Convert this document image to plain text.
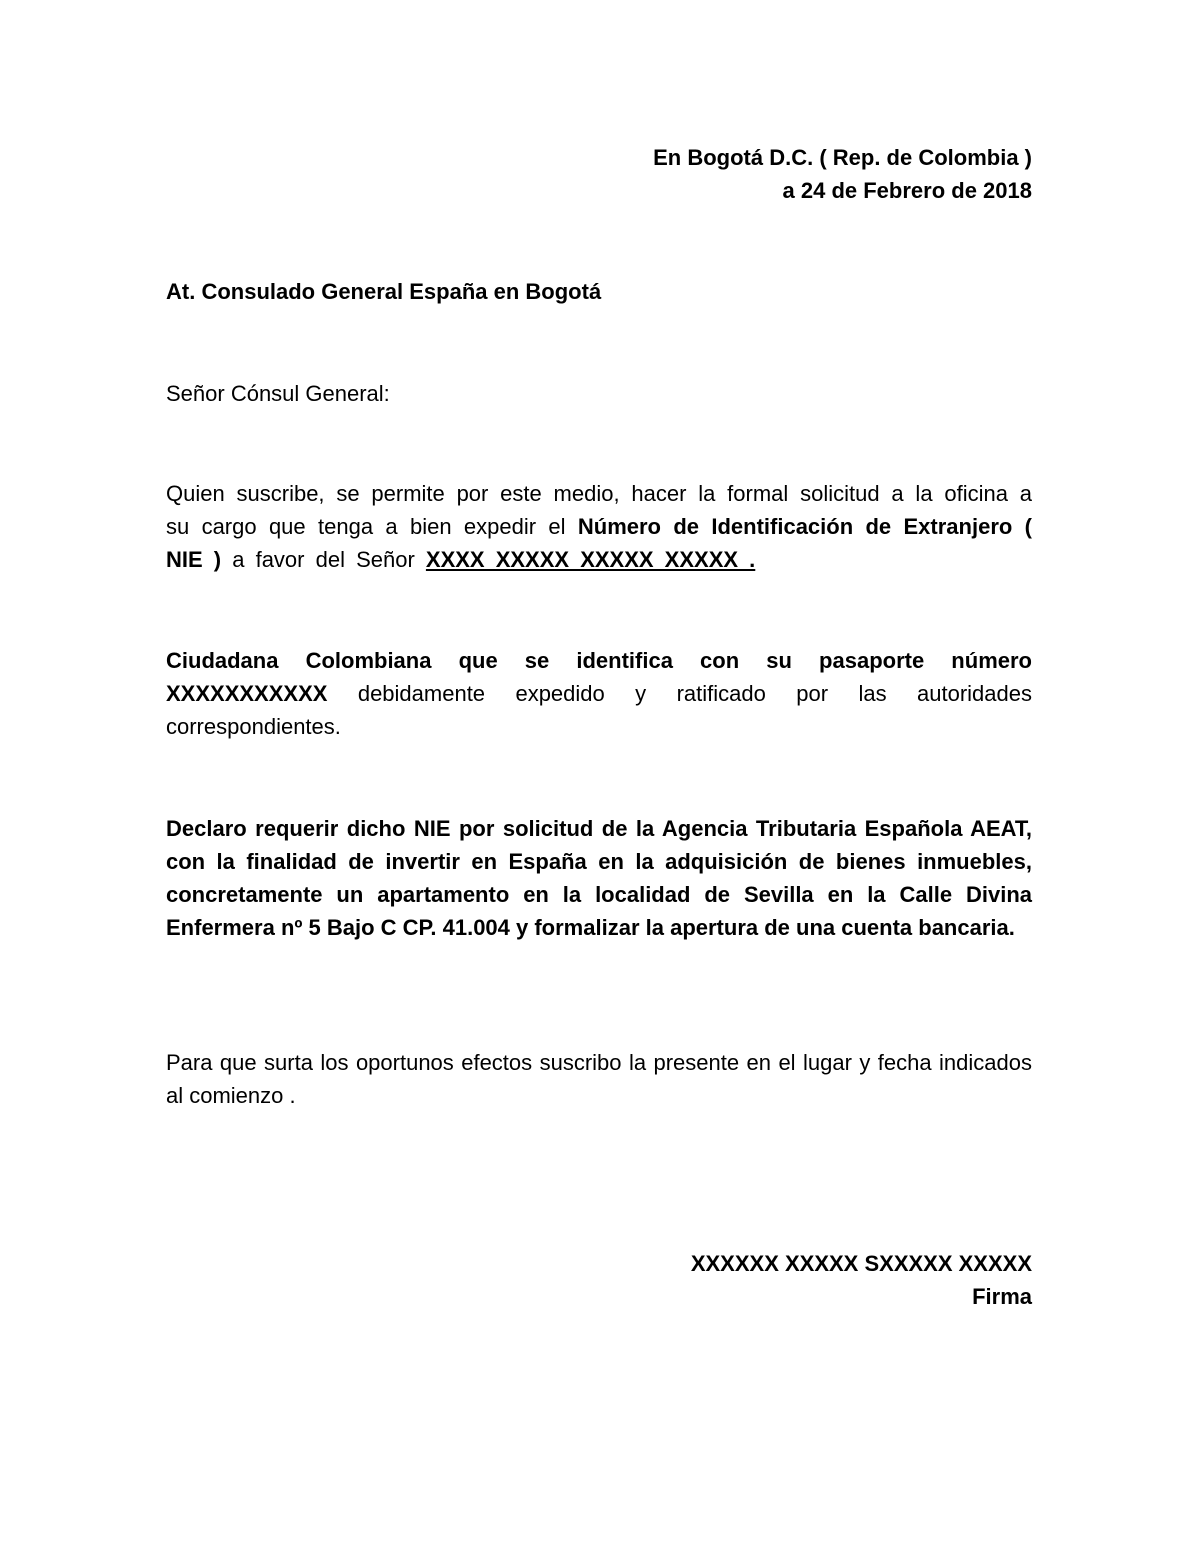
En Bogotá D.C. ( Rep. de Colombia )
a 24 de Febrero de 2018
At. Consulado General España en Bogotá
Señor Cónsul General:
Quien suscribe, se permite por este medio, hacer la formal solicitud a la oficina a su cargo que tenga a bien expedir el Número de Identificación de Extranjero ( NIE ) a favor del Señor XXXX XXXXX XXXXX XXXXX .
Ciudadana Colombiana que se identifica con su pasaporte número XXXXXXXXXXX debidamente expedido y ratificado por las autoridades correspondientes.
Declaro requerir dicho NIE por solicitud de la Agencia Tributaria Española AEAT, con la finalidad de invertir en España en la adquisición de bienes inmuebles, concretamente un apartamento en la localidad de Sevilla en la Calle Divina Enfermera nº 5 Bajo C CP. 41.004 y formalizar la apertura de una cuenta bancaria.
Para que surta los oportunos efectos suscribo la presente en el lugar y fecha indicados al comienzo .
XXXXXX XXXXX SXXXXX XXXXX
Firma
